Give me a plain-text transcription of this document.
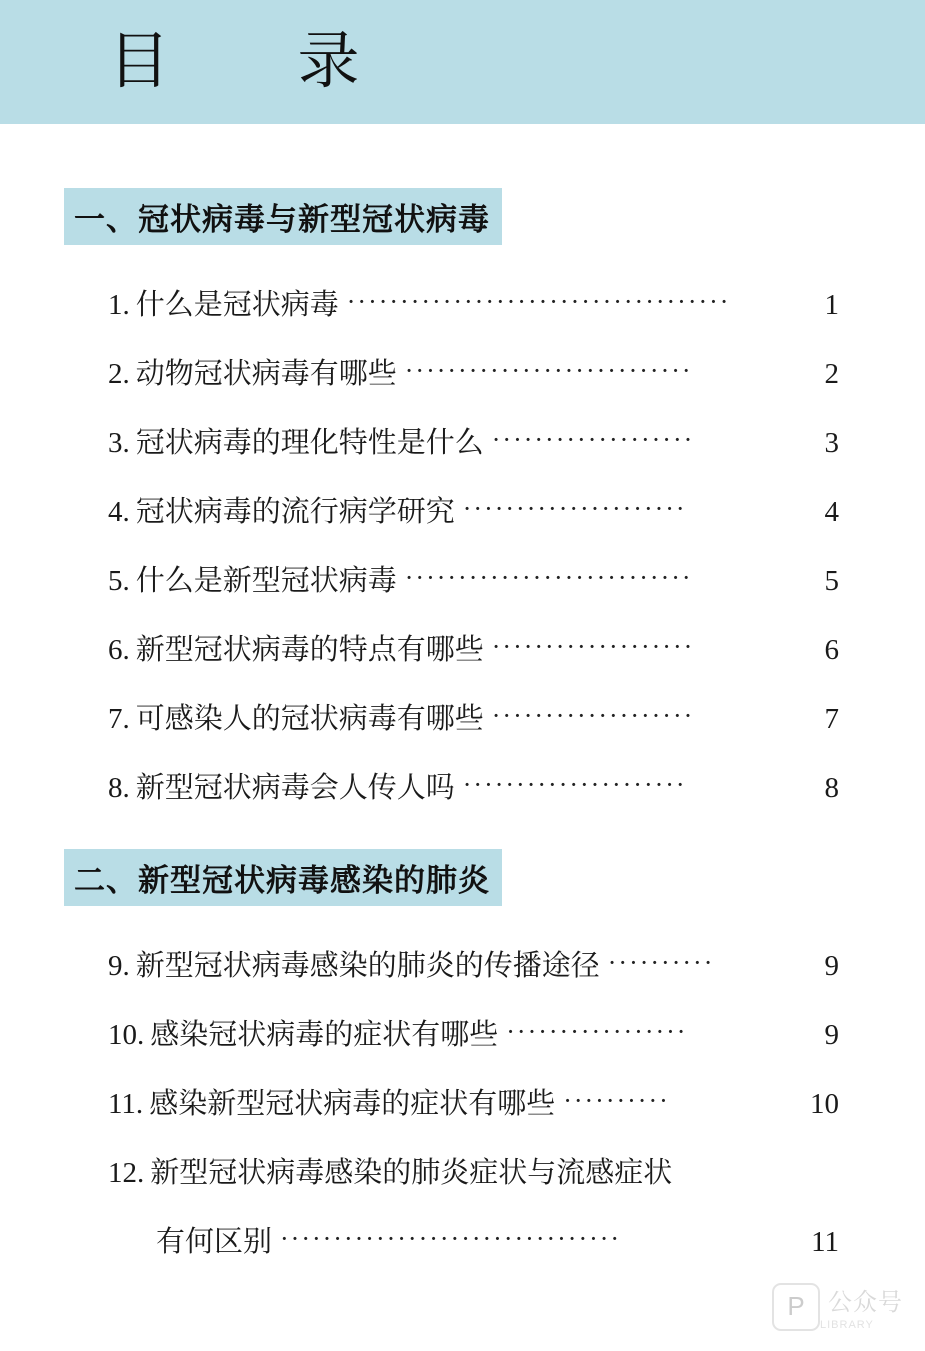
目 录
一、冠状病毒与新型冠状病毒
1. 什么是冠状病毒 ····································	1
2. 动物冠状病毒有哪些 ···························	2
3. 冠状病毒的理化特性是什么 ···················	3
4. 冠状病毒的流行病学研究 ·····················	4
5. 什么是新型冠状病毒 ···························	5
6. 新型冠状病毒的特点有哪些 ···················	6
7. 可感染人的冠状病毒有哪些 ···················	7
8. 新型冠状病毒会人传人吗 ·····················	8
二、新型冠状病毒感染的肺炎
9. 新型冠状病毒感染的肺炎的传播途径 ··········	9
10. 感染冠状病毒的症状有哪些 ·················	9
11. 感染新型冠状病毒的症状有哪些 ··········	10
12. 新型冠状病毒感染的肺炎症状与流感症状
有何区别 ································	11
P 公众号
LIBRARY
